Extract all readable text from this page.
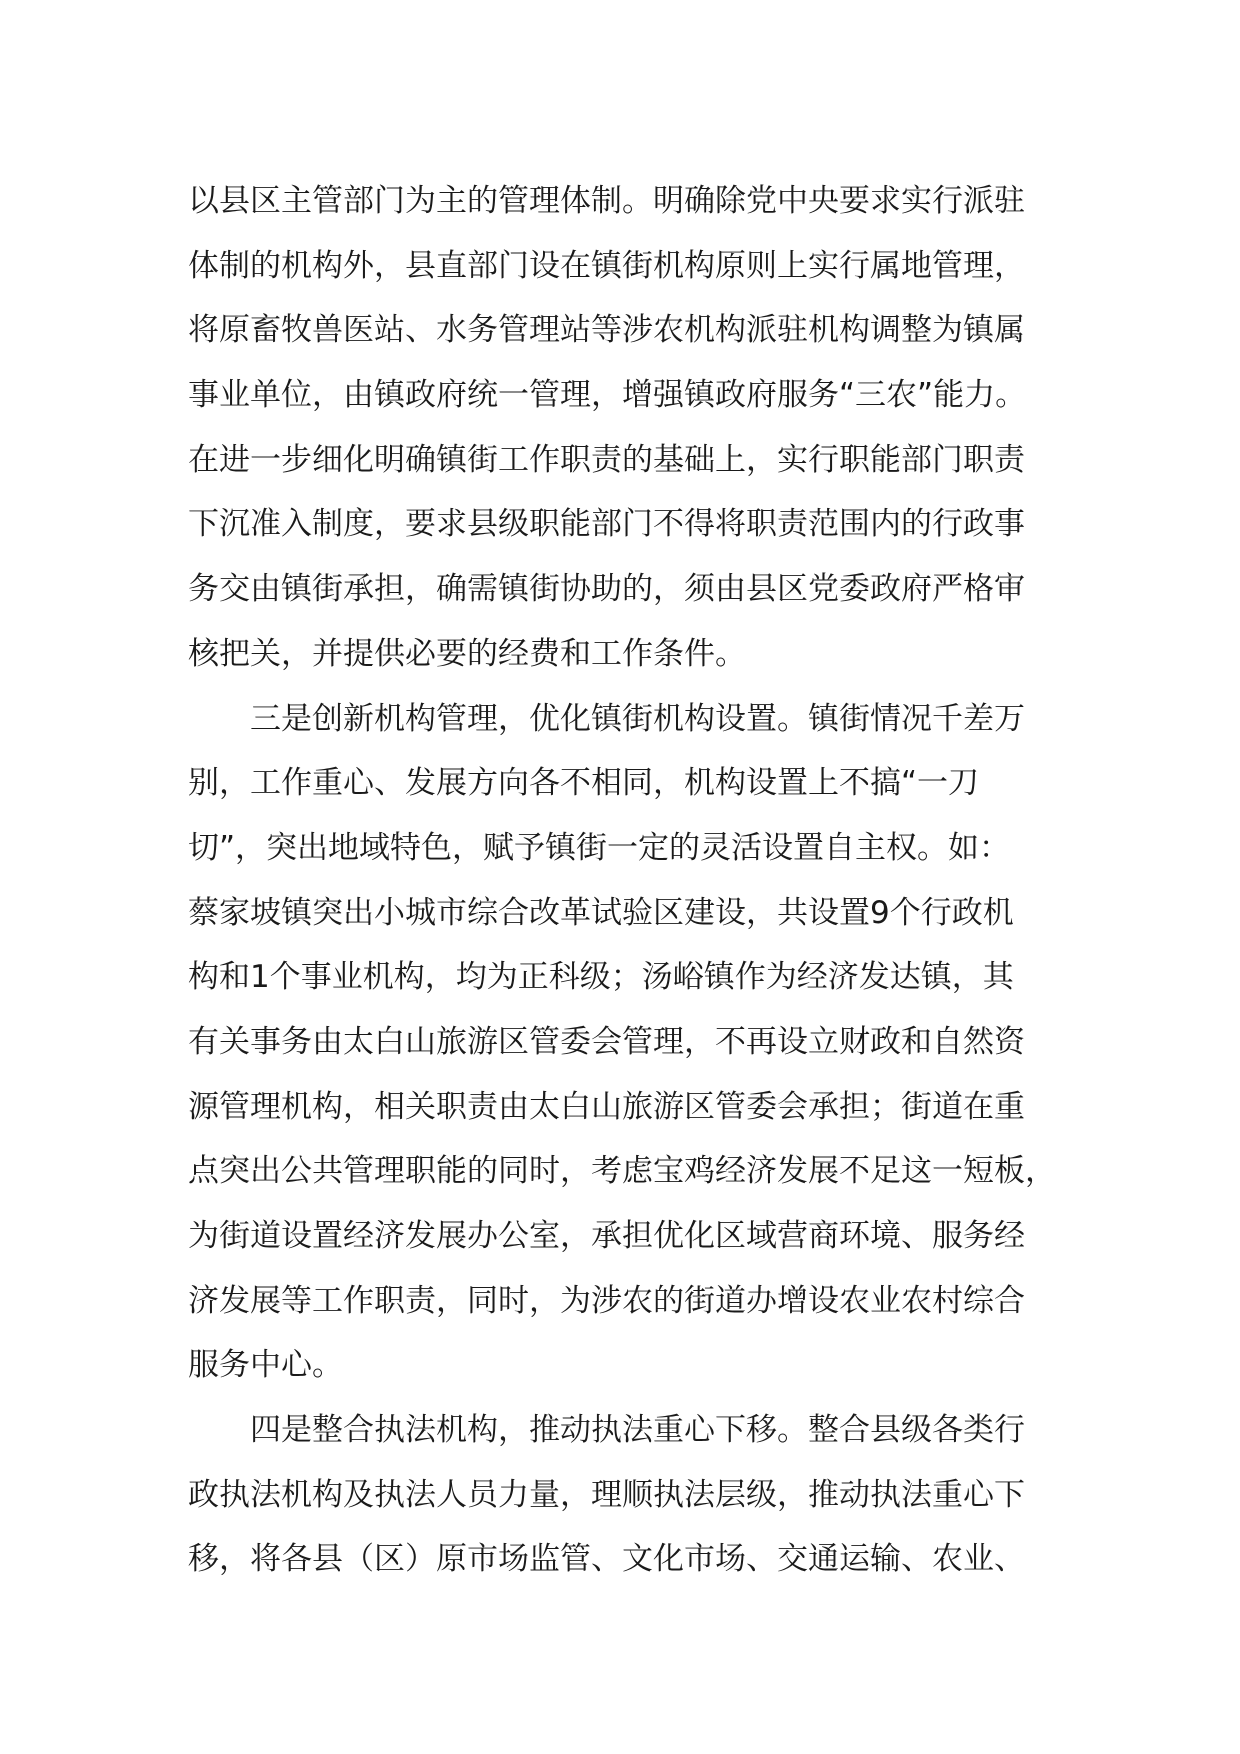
以县区主管部门为主的管理体制。明确除党中央要求实行派驻
体制的机构外，县直部门设在镇街机构原则上实行属地管理，
将原畜牧兽医站、水务管理站等涉农机构派驻机构调整为镇属
事业单位，由镇政府统一管理，增强镇政府服务“三农”能力。
在进一步细化明确镇街工作职责的基础上，实行职能部门职责
下沉准入制度，要求县级职能部门不得将职责范围内的行政事
务交由镇街承担，确需镇街协助的，须由县区党委政府严格审
核把关，并提供必要的经费和工作条件。
三是创新机构管理，优化镇街机构设置。镇街情况千差万
别，工作重心、发展方向各不相同，机构设置上不搞“一刀
切”，突出地域特色，赋予镇街一定的灵活设置自主权。如：
蔡家坡镇突出小城市综合改革试验区建设，共设置9个行政机
构和1个事业机构，均为正科级；汤峪镇作为经济发达镇，其
有关事务由太白山旅游区管委会管理，不再设立财政和自然资
源管理机构，相关职责由太白山旅游区管委会承担；街道在重
点突出公共管理职能的同时，考虑宝鸡经济发展不足这一短板，
为街道设置经济发展办公室，承担优化区域营商环境、服务经
济发展等工作职责，同时，为涉农的街道办增设农业农村综合
服务中心。
四是整合执法机构，推动执法重心下移。整合县级各类行
政执法机构及执法人员力量，理顺执法层级，推动执法重心下
移，将各县（区）原市场监管、文化市场、交通运输、农业、
